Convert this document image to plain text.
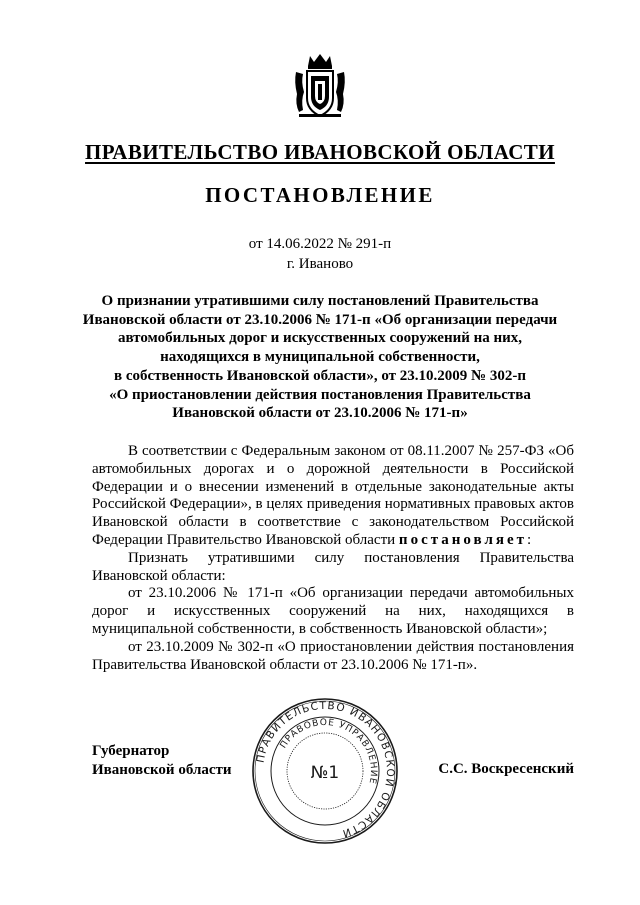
ПРАВИТЕЛЬСТВО ИВАНОВСКОЙ ОБЛАСТИ
ПОСТАНОВЛЕНИЕ
от 14.06.2022 № 291-п
г. Иваново
О признании утратившими силу постановлений Правительства
Ивановской области от 23.10.2006 № 171-п «Об организации передачи
автомобильных дорог и искусственных сооружений на них,
находящихся в муниципальной собственности,
в собственность Ивановской области», от 23.10.2009 № 302-п
«О приостановлении действия постановления Правительства
Ивановской области от 23.10.2006 № 171-п»

В соответствии с Федеральным законом от 08.11.2007 № 257-ФЗ «Об автомобильных дорогах и о дорожной деятельности в Российской Федерации и о внесении изменений в отдельные законодательные акты Российской Федерации», в целях приведения нормативных правовых актов Ивановской области в соответствие с законодательством Российской Федерации Правительство Ивановской области постановляет:

Признать утратившими силу постановления Правительства Ивановской области:

от 23.10.2006 № 171-п «Об организации передачи автомобильных дорог и искусственных сооружений на них, находящихся в муниципальной собственности, в собственность Ивановской области»;

от 23.10.2009 № 302-п «О приостановлении действия постановления Правительства Ивановской области от 23.10.2006 № 171-п».

Губернатор
Ивановской области
ПРАВИТЕЛЬСТВО ИВАНОВСКОЙ ОБЛАСТИ
ПРАВОВОЕ УПРАВЛЕНИЕ
№1	С.С. Воскресенский
